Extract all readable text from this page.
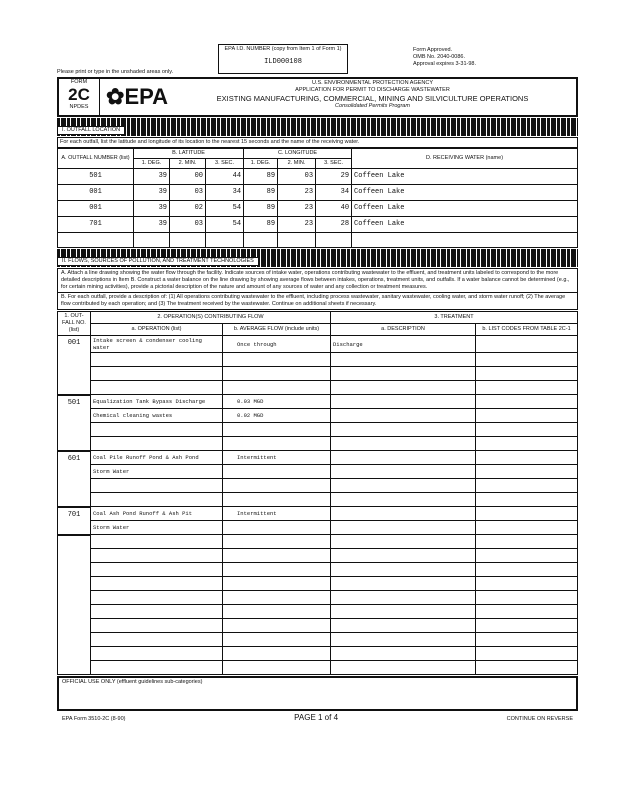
Please print or type in the unshaded areas only.
EPA I.D. NUMBER (copy from Item 1 of Form 1)
ILD000108
Form Approved.
OMB No. 2040-0086.
Approval expires 3-31-98.
FORM
2C
NPDES ✿EPA
U.S. ENVIRONMENTAL PROTECTION AGENCY
APPLICATION FOR PERMIT TO DISCHARGE WASTEWATER
EXISTING MANUFACTURING, COMMERCIAL, MINING AND SILVICULTURE OPERATIONS
Consolidated Permits Program
I. OUTFALL LOCATION
For each outfall, list the latitude and longitude of its location to the nearest 15 seconds and the name of the receiving water.
A. OUTFALL NUMBER (list)	B. LATITUDE			C. LONGITUDE			D. RECEIVING WATER (name)
	1. DEG.	2. MIN.	3. SEC.	1. DEG.	2. MIN.	3. SEC.	
501	39	00	44	89	03	29	Coffeen Lake
001	39	03	34	89	23	34	Coffeen Lake
001	39	02	54	89	23	40	Coffeen Lake
701	39	03	54	89	23	28	Coffeen Lake

II. FLOWS, SOURCES OF POLLUTION, AND TREATMENT TECHNOLOGIES
A. Attach a line drawing showing the water flow through the facility. Indicate sources of intake water, operations contributing wastewater to the effluent, and treatment units labeled to correspond to the more detailed descriptions in Item B. Construct a water balance on the line drawing by showing average flows between intakes, operations, treatment units, and outfalls. If a water balance cannot be determined (e.g., for certain mining activities), provide a pictorial description of the nature and amount of any sources of water and any collection or treatment measures.
B. For each outfall, provide a description of: (1) All operations contributing wastewater to the effluent, including process wastewater, sanitary wastewater, cooling water, and storm water runoff; (2) The average flow contributed by each operation; and (3) The treatment received by the wastewater. Continue on additional sheets if necessary.
1. OUT-FALL NO. (list)	2. OPERATION(S) CONTRIBUTING FLOW		3. TREATMENT	
	a. OPERATION (list)	b. AVERAGE FLOW (include units)	a. DESCRIPTION	b. LIST CODES FROM TABLE 2C-1
001	Intake screen & condenser cooling water	Once through	Discharge	

501	Equalization Tank Bypass Discharge	0.03 MGD		
	Chemical cleaning wastes	0.02 MGD		

601	Coal Pile Runoff Pond & Ash Pond	Intermittent		
	Storm Water			

701	Coal Ash Pond Runoff & Ash Pit	Intermittent		
	Storm Water			

OFFICIAL USE ONLY (effluent guidelines sub-categories)
EPA Form 3510-2C (8-90)	PAGE 1 of 4	CONTINUE ON REVERSE
